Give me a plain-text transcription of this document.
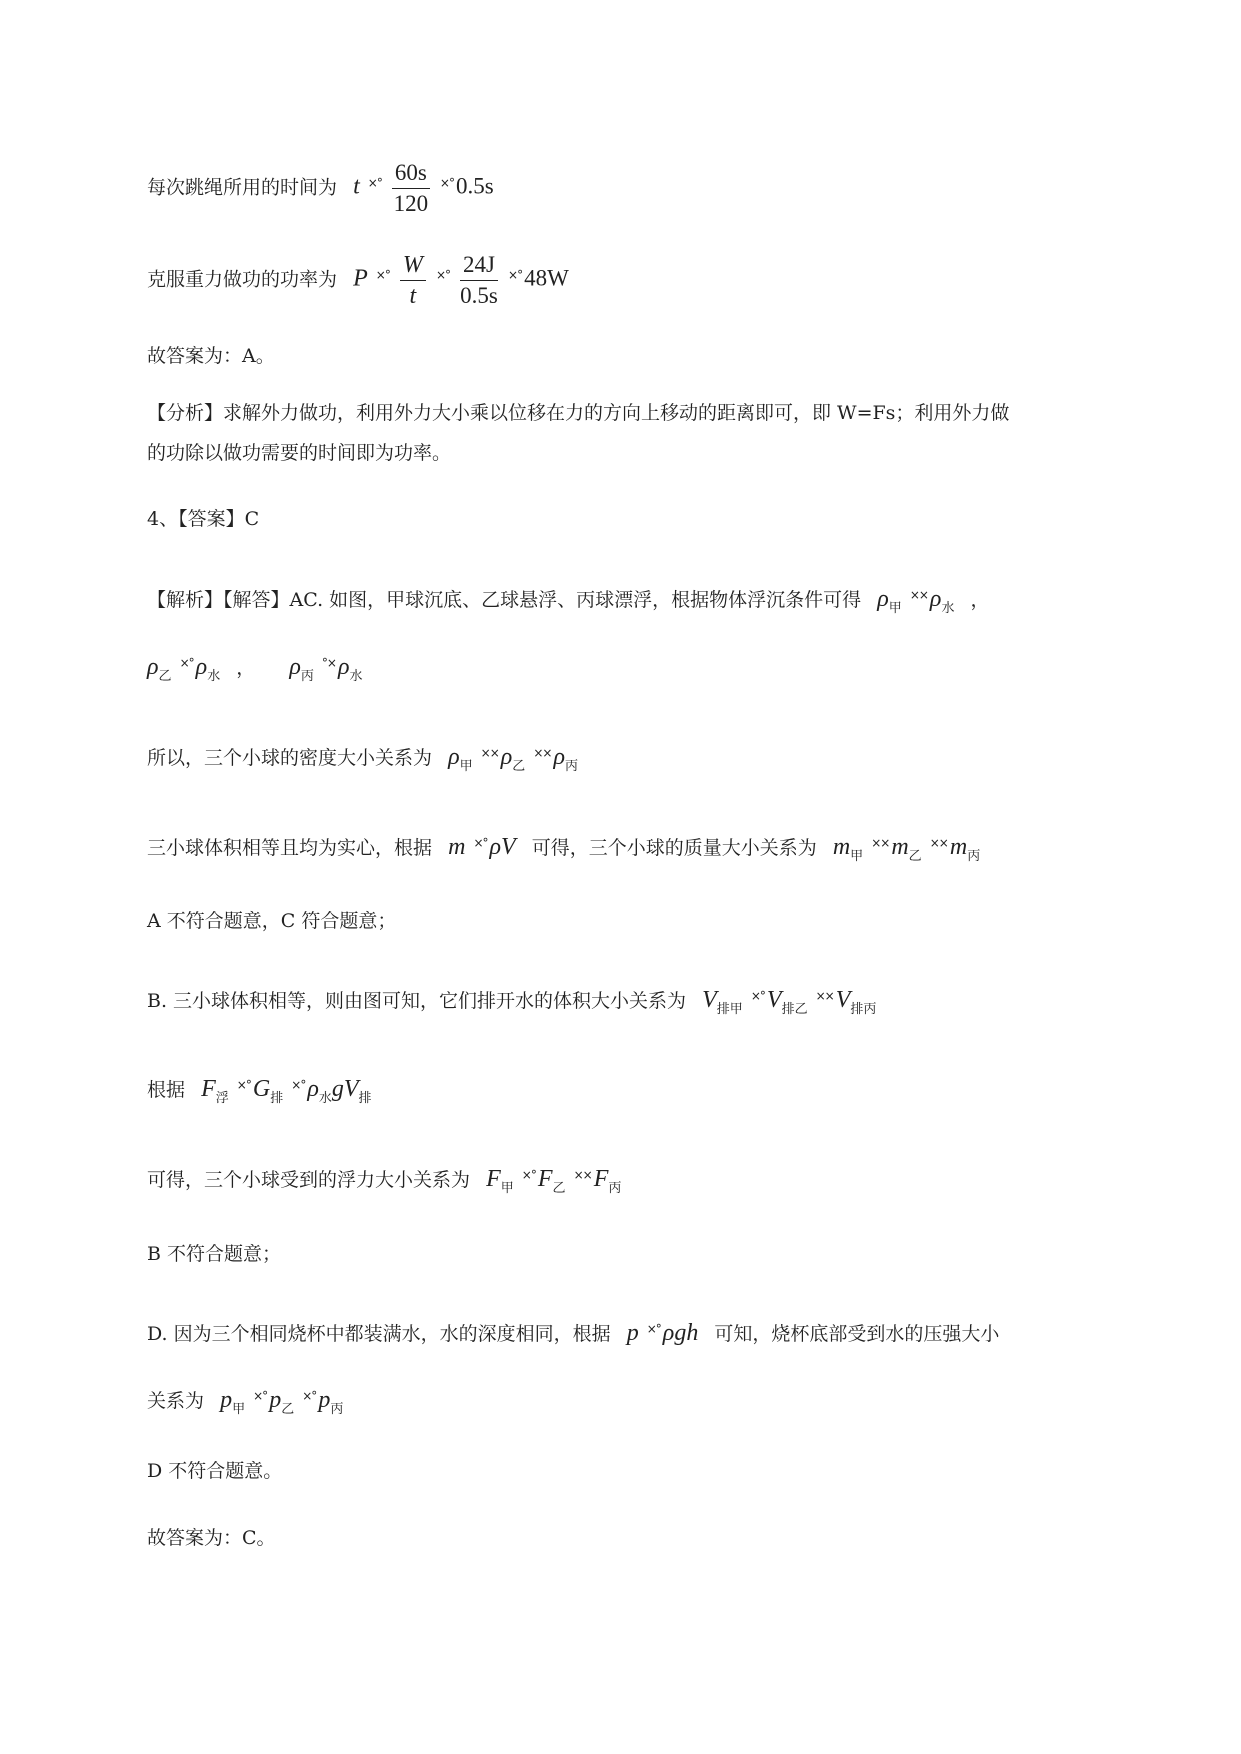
每次跳绳所用的时间为 t $^{\times^\circ} \frac{60s}{120} ^{\times^\circ}0.5s$
克服重力做功的功率为 P $^{\times^\circ} \frac{W}{t} ^{\times^\circ} \frac{24J}{0.5s} ^{\times^\circ}48W$
故答案为：A。
【分析】求解外力做功，利用外力大小乘以位移在力的方向上移动的距离即可，即 W=Fs；利用外力做
的功除以做功需要的时间即为功率。
4、【答案】C
【解析】【解答】AC. 如图，甲球沉底、乙球悬浮、丙球漂浮，根据物体浮沉条件可得 $\rho_甲$ $^{\times\times}\rho_水$ ，
$\rho_乙$ $^{\times^\circ}\rho_水$ ， $\rho_丙$ $^{^\circ\times}\rho_水$
所以，三个小球的密度大小关系为 $\rho_甲$ $^{\times\times}\rho_乙$ $^{\times\times}\rho_丙$
三小球体积相等且均为实心，根据 m ×°ρV 可得，三个小球的质量大小关系为 $m_甲$ $^{\times\times}m_乙$ $^{\times\times}m_丙$
A 不符合题意，C 符合题意；
B. 三小球体积相等，则由图可知，它们排开水的体积大小关系为 $V_{排甲}$ $^{\times^\circ}V_{排乙}$ $^{\times\times}V_{排丙}$
根据 $F_浮$ $^{\times^\circ}G_排$ $^{\times^\circ}\rho_水gV_排$
可得，三个小球受到的浮力大小关系为 $F_甲$ $^{\times^\circ}F_乙$ $^{\times\times}F_丙$
B 不符合题意；
D. 因为三个相同烧杯中都装满水，水的深度相同，根据 p ×°ρgh 可知，烧杯底部受到水的压强大小
关系为 $p_甲$ $^{\times^\circ}p_乙$ $^{\times^\circ}p_丙$
D 不符合题意。
故答案为：C。
